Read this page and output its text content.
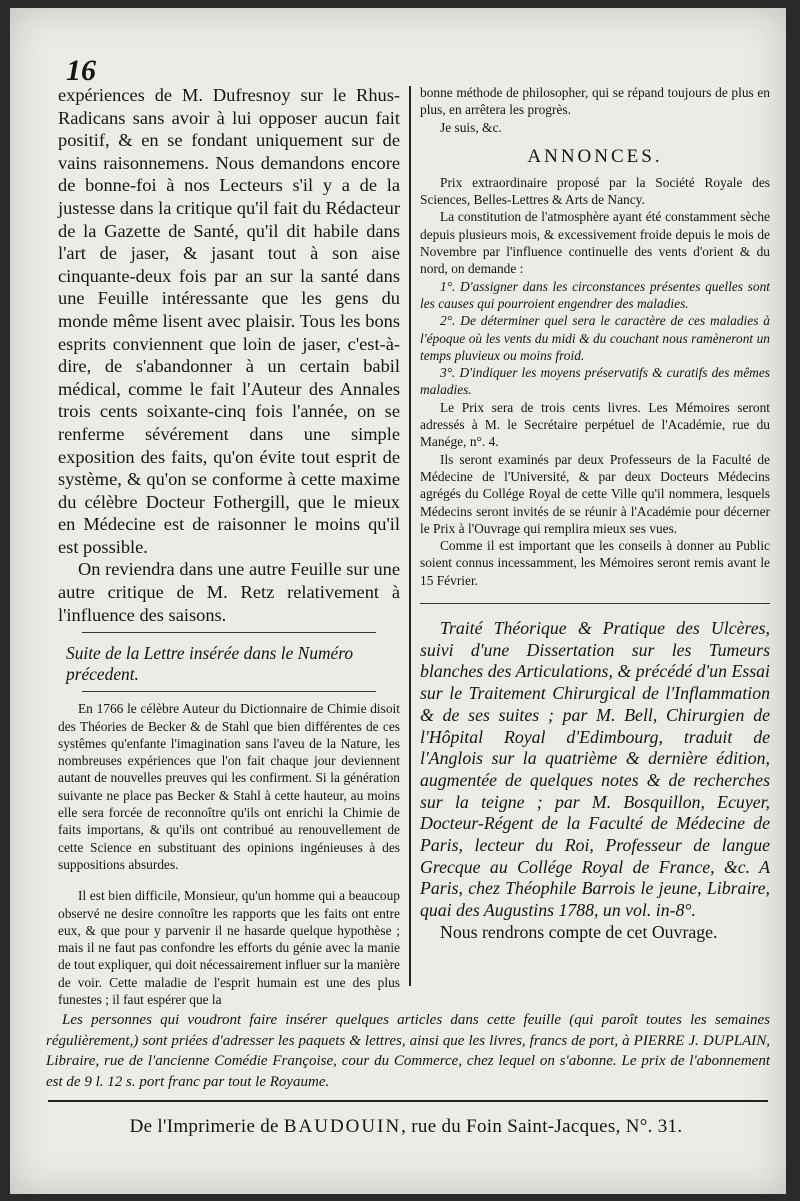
16

expériences de M. Dufresnoy sur le Rhus-Radicans sans avoir à lui opposer aucun fait positif, & en se fondant uniquement sur de vains raisonnemens. Nous demandons encore de bonne-foi à nos Lecteurs s'il y a de la justesse dans la critique qu'il fait du Rédacteur de la Gazette de Santé, qu'il dit habile dans l'art de jaser, & jasant tout à son aise cinquante-deux fois par an sur la santé dans une Feuille intéressante que les gens du monde même lisent avec plaisir. Tous les bons esprits conviennent que loin de jaser, c'est-à-dire, de s'abandonner à un certain babil médical, comme le fait l'Auteur des Annales trois cents soixante-cinq fois l'année, on se renferme sévérement dans une simple exposition des faits, qu'on évite tout esprit de système, & qu'on se conforme à cette maxime du célèbre Docteur Fothergill, que le mieux en Médecine est de raisonner le moins qu'il est possible.

On reviendra dans une autre Feuille sur une autre critique de M. Retz relativement à l'influence des saisons.

Suite de la Lettre insérée dans le Numéro précedent.

En 1766 le célèbre Auteur du Dictionnaire de Chimie disoit des Théories de Becker & de Stahl que bien différentes de ces systêmes qu'enfante l'imagination sans l'aveu de la Nature, les nombreuses expériences que l'on fait chaque jour deviennent autant de nouvelles preuves qui les confirment. Si la génération suivante ne place pas Becker & Stahl à cette hauteur, au moins elle sera forcée de reconnoître qu'ils ont enrichi la Chimie de faits importans, & qu'ils ont contribué au renouvellement de cette Science en substituant des opinions ingénieuses à des suppositions absurdes.

Il est bien difficile, Monsieur, qu'un homme qui a beaucoup observé ne desire connoître les rapports que les faits ont entre eux, & que pour y parvenir il ne hasarde quelque hypothèse ; mais il ne faut pas confondre les efforts du génie avec la manie de tout expliquer, qui doit nécessairement influer sur la manière de voir. Cette maladie de l'esprit humain est une des plus funestes ; il faut espérer que la

bonne méthode de philosopher, qui se répand toujours de plus en plus, en arrêtera les progrès.

Je suis, &c.

ANNONCES.

Prix extraordinaire proposé par la Société Royale des Sciences, Belles-Lettres & Arts de Nancy.

La constitution de l'atmosphère ayant été constamment sèche depuis plusieurs mois, & excessivement froide depuis le mois de Novembre par l'influence continuelle des vents d'orient & du nord, on demande :

1°. D'assigner dans les circonstances présentes quelles sont les causes qui pourroient engendrer des maladies.

2°. De déterminer quel sera le caractère de ces maladies à l'époque où les vents du midi & du couchant nous ramèneront un temps pluvieux ou moins froid.

3°. D'indiquer les moyens préservatifs & curatifs des mêmes maladies.

Le Prix sera de trois cents livres. Les Mémoires seront adressés à M. le Secrétaire perpétuel de l'Académie, rue du Manége, n°. 4.

Ils seront examinés par deux Professeurs de la Faculté de Médecine de l'Université, & par deux Docteurs Médecins agrégés du Collége Royal de cette Ville qu'il nommera, lesquels Médecins seront invités de se réunir à l'Académie pour décerner le Prix à l'Ouvrage qui remplira mieux ses vues.

Comme il est important que les conseils à donner au Public soient connus incessamment, les Mémoires seront remis avant le 15 Février.

Traité Théorique & Pratique des Ulcères, suivi d'une Dissertation sur les Tumeurs blanches des Articulations, & précédé d'un Essai sur le Traitement Chirurgical de l'Inflammation & de ses suites ; par M. Bell, Chirurgien de l'Hôpital Royal d'Edimbourg, traduit de l'Anglois sur la quatrième & dernière édition, augmentée de quelques notes & de recherches sur la teigne ; par M. Bosquillon, Ecuyer, Docteur-Régent de la Faculté de Médecine de Paris, lecteur du Roi, Professeur de langue Grecque au Collége Royal de France, &c. A Paris, chez Théophile Barrois le jeune, Libraire, quai des Augustins 1788, un vol. in-8°.

Nous rendrons compte de cet Ouvrage.

Les personnes qui voudront faire insérer quelques articles dans cette feuille (qui paroît toutes les semaines régulièrement,) sont priées d'adresser les paquets & lettres, ainsi que les livres, francs de port, à PIERRE J. DUPLAIN, Libraire, rue de l'ancienne Comédie Françoise, cour du Commerce, chez lequel on s'abonne. Le prix de l'abonnement est de 9 l. 12 s. port franc par tout le Royaume.

De l'Imprimerie de BAUDOUIN, rue du Foin Saint-Jacques, N°. 31.
